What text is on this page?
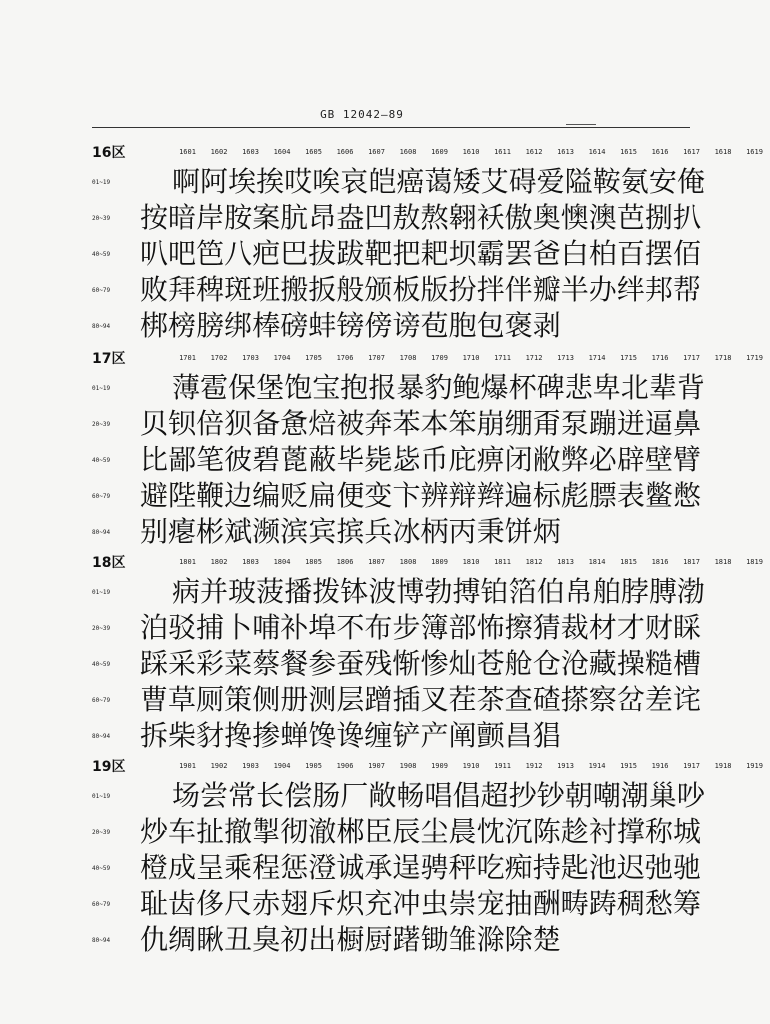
GB 12042—89
16区	1601	1602	1603	1604	1605	1606	1607	1608	1609	1610	1611	1612	1613	1614	1615	1616	1617	1618	1619
01~19	啊阿埃挨哎唉哀皑癌蔼矮艾碍爱隘鞍氨安俺
20~39	按暗岸胺案肮昂盎凹敖熬翱袄傲奥懊澳芭捌扒
40~59	叭吧笆八疤巴拔跋靶把耙坝霸罢爸白柏百摆佰
60~79	败拜稗斑班搬扳般颁板版扮拌伴瓣半办绊邦帮
80~94	梆榜膀绑棒磅蚌镑傍谤苞胞包褒剥
17区	1701	1702	1703	1704	1705	1706	1707	1708	1709	1710	1711	1712	1713	1714	1715	1716	1717	1718	1719
01~19	薄雹保堡饱宝抱报暴豹鲍爆杯碑悲卑北辈背
20~39	贝钡倍狈备惫焙被奔苯本笨崩绷甭泵蹦迸逼鼻
40~59	比鄙笔彼碧蓖蔽毕毙毖币庇痹闭敝弊必辟壁臂
60~79	避陛鞭边编贬扁便变卞辨辩辫遍标彪膘表鳖憋
80~94	别瘪彬斌濒滨宾摈兵冰柄丙秉饼炳
18区	1801	1802	1803	1804	1805	1806	1807	1808	1809	1810	1811	1812	1813	1814	1815	1816	1817	1818	1819
01~19	病并玻菠播拨钵波博勃搏铂箔伯帛舶脖膊渤
20~39	泊驳捕卜哺补埠不布步簿部怖擦猜裁材才财睬
40~59	踩采彩菜蔡餐参蚕残惭惨灿苍舱仓沧藏操糙槽
60~79	曹草厕策侧册测层蹭插叉茬茶查碴搽察岔差诧
80~94	拆柴豺搀掺蝉馋谗缠铲产阐颤昌猖
19区	1901	1902	1903	1904	1905	1906	1907	1908	1909	1910	1911	1912	1913	1914	1915	1916	1917	1918	1919
01~19	场尝常长偿肠厂敞畅唱倡超抄钞朝嘲潮巢吵
20~39	炒车扯撤掣彻澈郴臣辰尘晨忱沉陈趁衬撑称城
40~59	橙成呈乘程惩澄诚承逞骋秤吃痴持匙池迟弛驰
60~79	耻齿侈尺赤翅斥炽充冲虫崇宠抽酬畴踌稠愁筹
80~94	仇绸瞅丑臭初出橱厨躇锄雏滁除楚
